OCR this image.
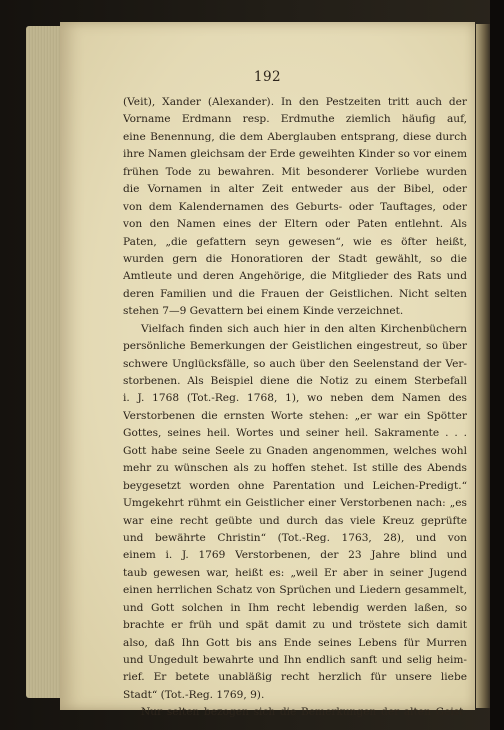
192
(Veit), Xander (Alexander). In den Pestzeiten tritt auch der
Vorname Erdmann resp. Erdmuthe ziemlich häufig auf,
eine Benennung, die dem Aberglauben entsprang, diese durch
ihre Namen gleichsam der Erde geweihten Kinder so vor einem
frühen Tode zu bewahren. Mit besonderer Vorliebe wurden
die Vornamen in alter Zeit entweder aus der Bibel, oder
von dem Kalendernamen des Geburts- oder Tauftages, oder
von den Namen eines der Eltern oder Paten entlehnt. Als
Paten, „die gefattern seyn gewesen“, wie es öfter heißt,
wurden gern die Honoratioren der Stadt gewählt, so die
Amtleute und deren Angehörige, die Mitglieder des Rats und
deren Familien und die Frauen der Geistlichen. Nicht selten
stehen 7—9 Gevattern bei einem Kinde verzeichnet.
Vielfach finden sich auch hier in den alten Kirchenbüchern
persönliche Bemerkungen der Geistlichen eingestreut, so über
schwere Unglücksfälle, so auch über den Seelenstand der Ver-
storbenen. Als Beispiel diene die Notiz zu einem Sterbefall
i. J. 1768 (Tot.-Reg. 1768, 1), wo neben dem Namen des
Verstorbenen die ernsten Worte stehen: „er war ein Spötter
Gottes, seines heil. Wortes und seiner heil. Sakramente . . .
Gott habe seine Seele zu Gnaden angenommen, welches wohl
mehr zu wünschen als zu hoffen stehet. Ist stille des Abends
beygesetzt worden ohne Parentation und Leichen-Predigt.“
Umgekehrt rühmt ein Geistlicher einer Verstorbenen nach: „es
war eine recht geübte und durch das viele Kreuz geprüfte
und bewährte Christin“ (Tot.-Reg. 1763, 28), und von
einem i. J. 1769 Verstorbenen, der 23 Jahre blind und
taub gewesen war, heißt es: „weil Er aber in seiner Jugend
einen herrlichen Schatz von Sprüchen und Liedern gesammelt,
und Gott solchen in Ihm recht lebendig werden laßen, so
brachte er früh und spät damit zu und tröstete sich damit
also, daß Ihn Gott bis ans Ende seines Lebens für Murren
und Ungedult bewahrte und Ihn endlich sanft und selig heim-
rief. Er betete unabläßig recht herzlich für unsere liebe
Stadt“ (Tot.-Reg. 1769, 9).
Nur selten bezogen sich die Bemerkungen der alten Geist-
